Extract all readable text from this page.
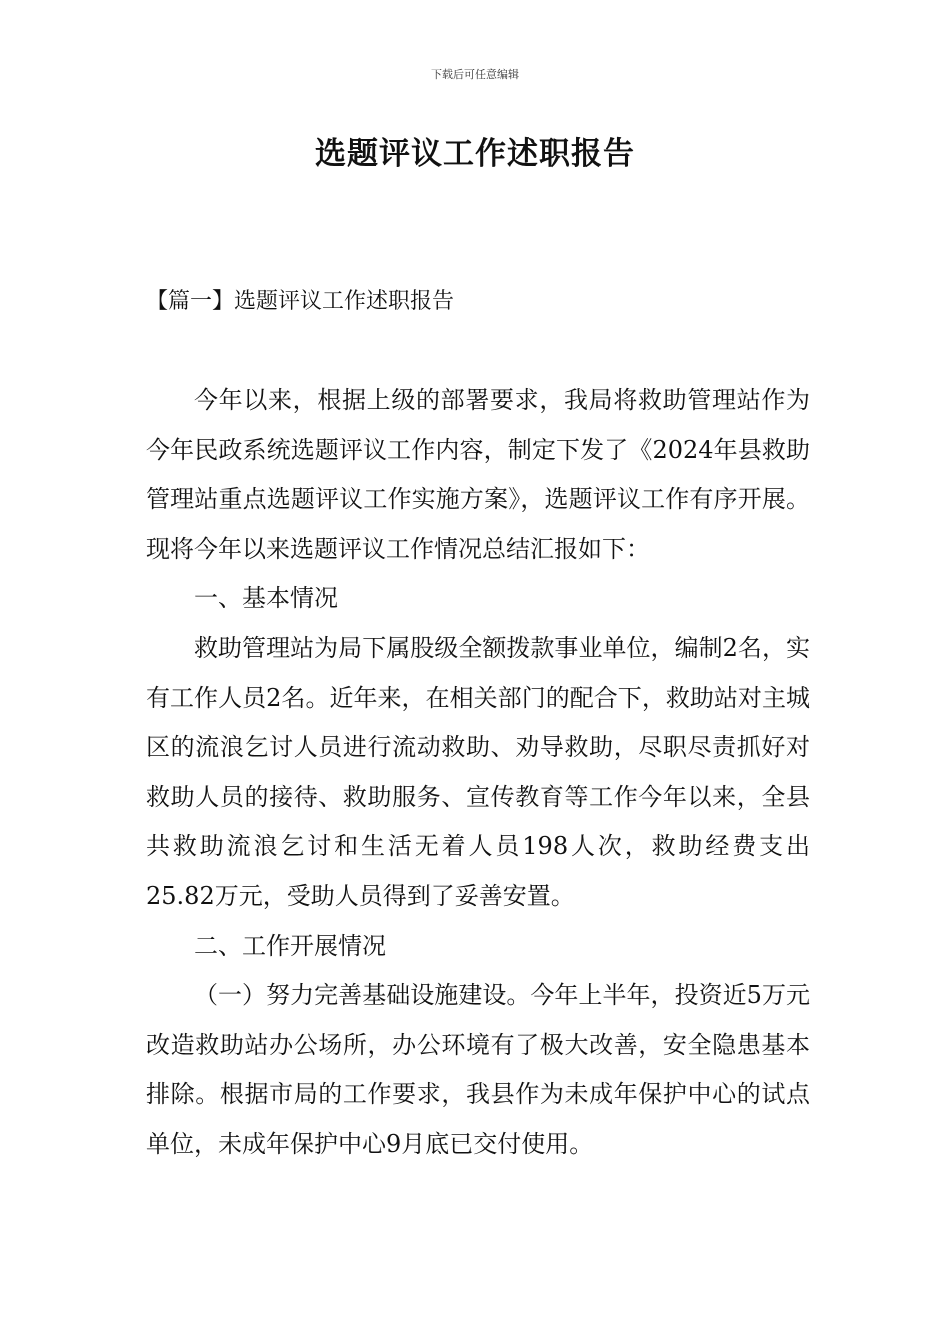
下载后可任意编辑
选题评议工作述职报告
【篇一】选题评议工作述职报告

今年以来，根据上级的部署要求，我局将救助管理站作为今年民政系统选题评议工作内容，制定下发了《2024年县救助管理站重点选题评议工作实施方案》，选题评议工作有序开展。现将今年以来选题评议工作情况总结汇报如下：

一、基本情况

救助管理站为局下属股级全额拨款事业单位，编制2名，实有工作人员2名。近年来，在相关部门的配合下，救助站对主城区的流浪乞讨人员进行流动救助、劝导救助，尽职尽责抓好对救助人员的接待、救助服务、宣传教育等工作今年以来，全县共救助流浪乞讨和生活无着人员198人次，救助经费支出25.82万元，受助人员得到了妥善安置。

二、工作开展情况

（一）努力完善基础设施建设。今年上半年，投资近5万元改造救助站办公场所，办公环境有了极大改善，安全隐患基本排除。根据市局的工作要求，我县作为未成年保护中心的试点单位，未成年保护中心9月底已交付使用。
